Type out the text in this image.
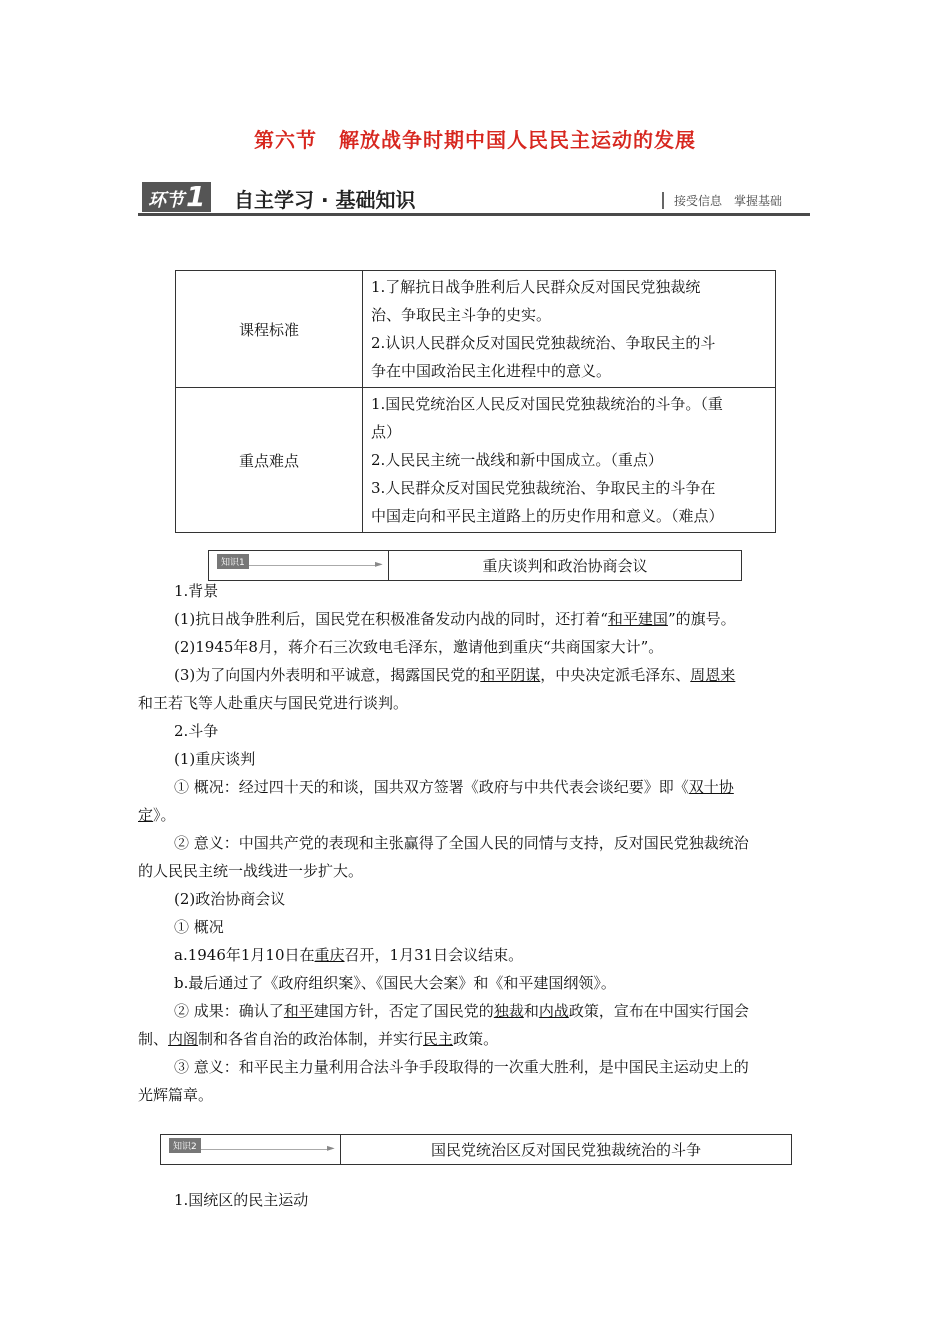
第六节 解放战争时期中国人民民主运动的发展
环节1	自主学习 · 基础知识	接受信息　掌握基础
课程标准	1.了解抗日战争胜利后人民群众反对国民党独裁统
治、争取民主斗争的史实。
2.认识人民群众反对国民党独裁统治、争取民主的斗
争在中国政治民主化进程中的意义。

重点难点	1.国民党统治区人民反对国民党独裁统治的斗争。（重
点）
2.人民民主统一战线和新中国成立。（重点）
3.人民群众反对国民党独裁统治、争取民主的斗争在
中国走向和平民主道路上的历史作用和意义。（难点）
知识1	►	重庆谈判和政治协商会议
1.背景
(1)抗日战争胜利后，国民党在积极准备发动内战的同时，还打着“和平建国”的旗号。
(2)1945年8月，蒋介石三次致电毛泽东，邀请他到重庆“共商国家大计”。
(3)为了向国内外表明和平诚意，揭露国民党的和平阴谋，中央决定派毛泽东、周恩来
和王若飞等人赴重庆与国民党进行谈判。
2.斗争
(1)重庆谈判
① 概况：经过四十天的和谈，国共双方签署《政府与中共代表会谈纪要》即《双十协
定》。
② 意义：中国共产党的表现和主张赢得了全国人民的同情与支持，反对国民党独裁统治
的人民民主统一战线进一步扩大。
(2)政治协商会议
① 概况
a.1946年1月10日在重庆召开，1月31日会议结束。
b.最后通过了《政府组织案》、《国民大会案》和《和平建国纲领》。
② 成果：确认了和平建国方针，否定了国民党的独裁和内战政策，宣布在中国实行国会
制、内阁制和各省自治的政治体制，并实行民主政策。
③ 意义：和平民主力量利用合法斗争手段取得的一次重大胜利，是中国民主运动史上的
光辉篇章。
知识2	►	国民党统治区反对国民党独裁统治的斗争
1.国统区的民主运动
